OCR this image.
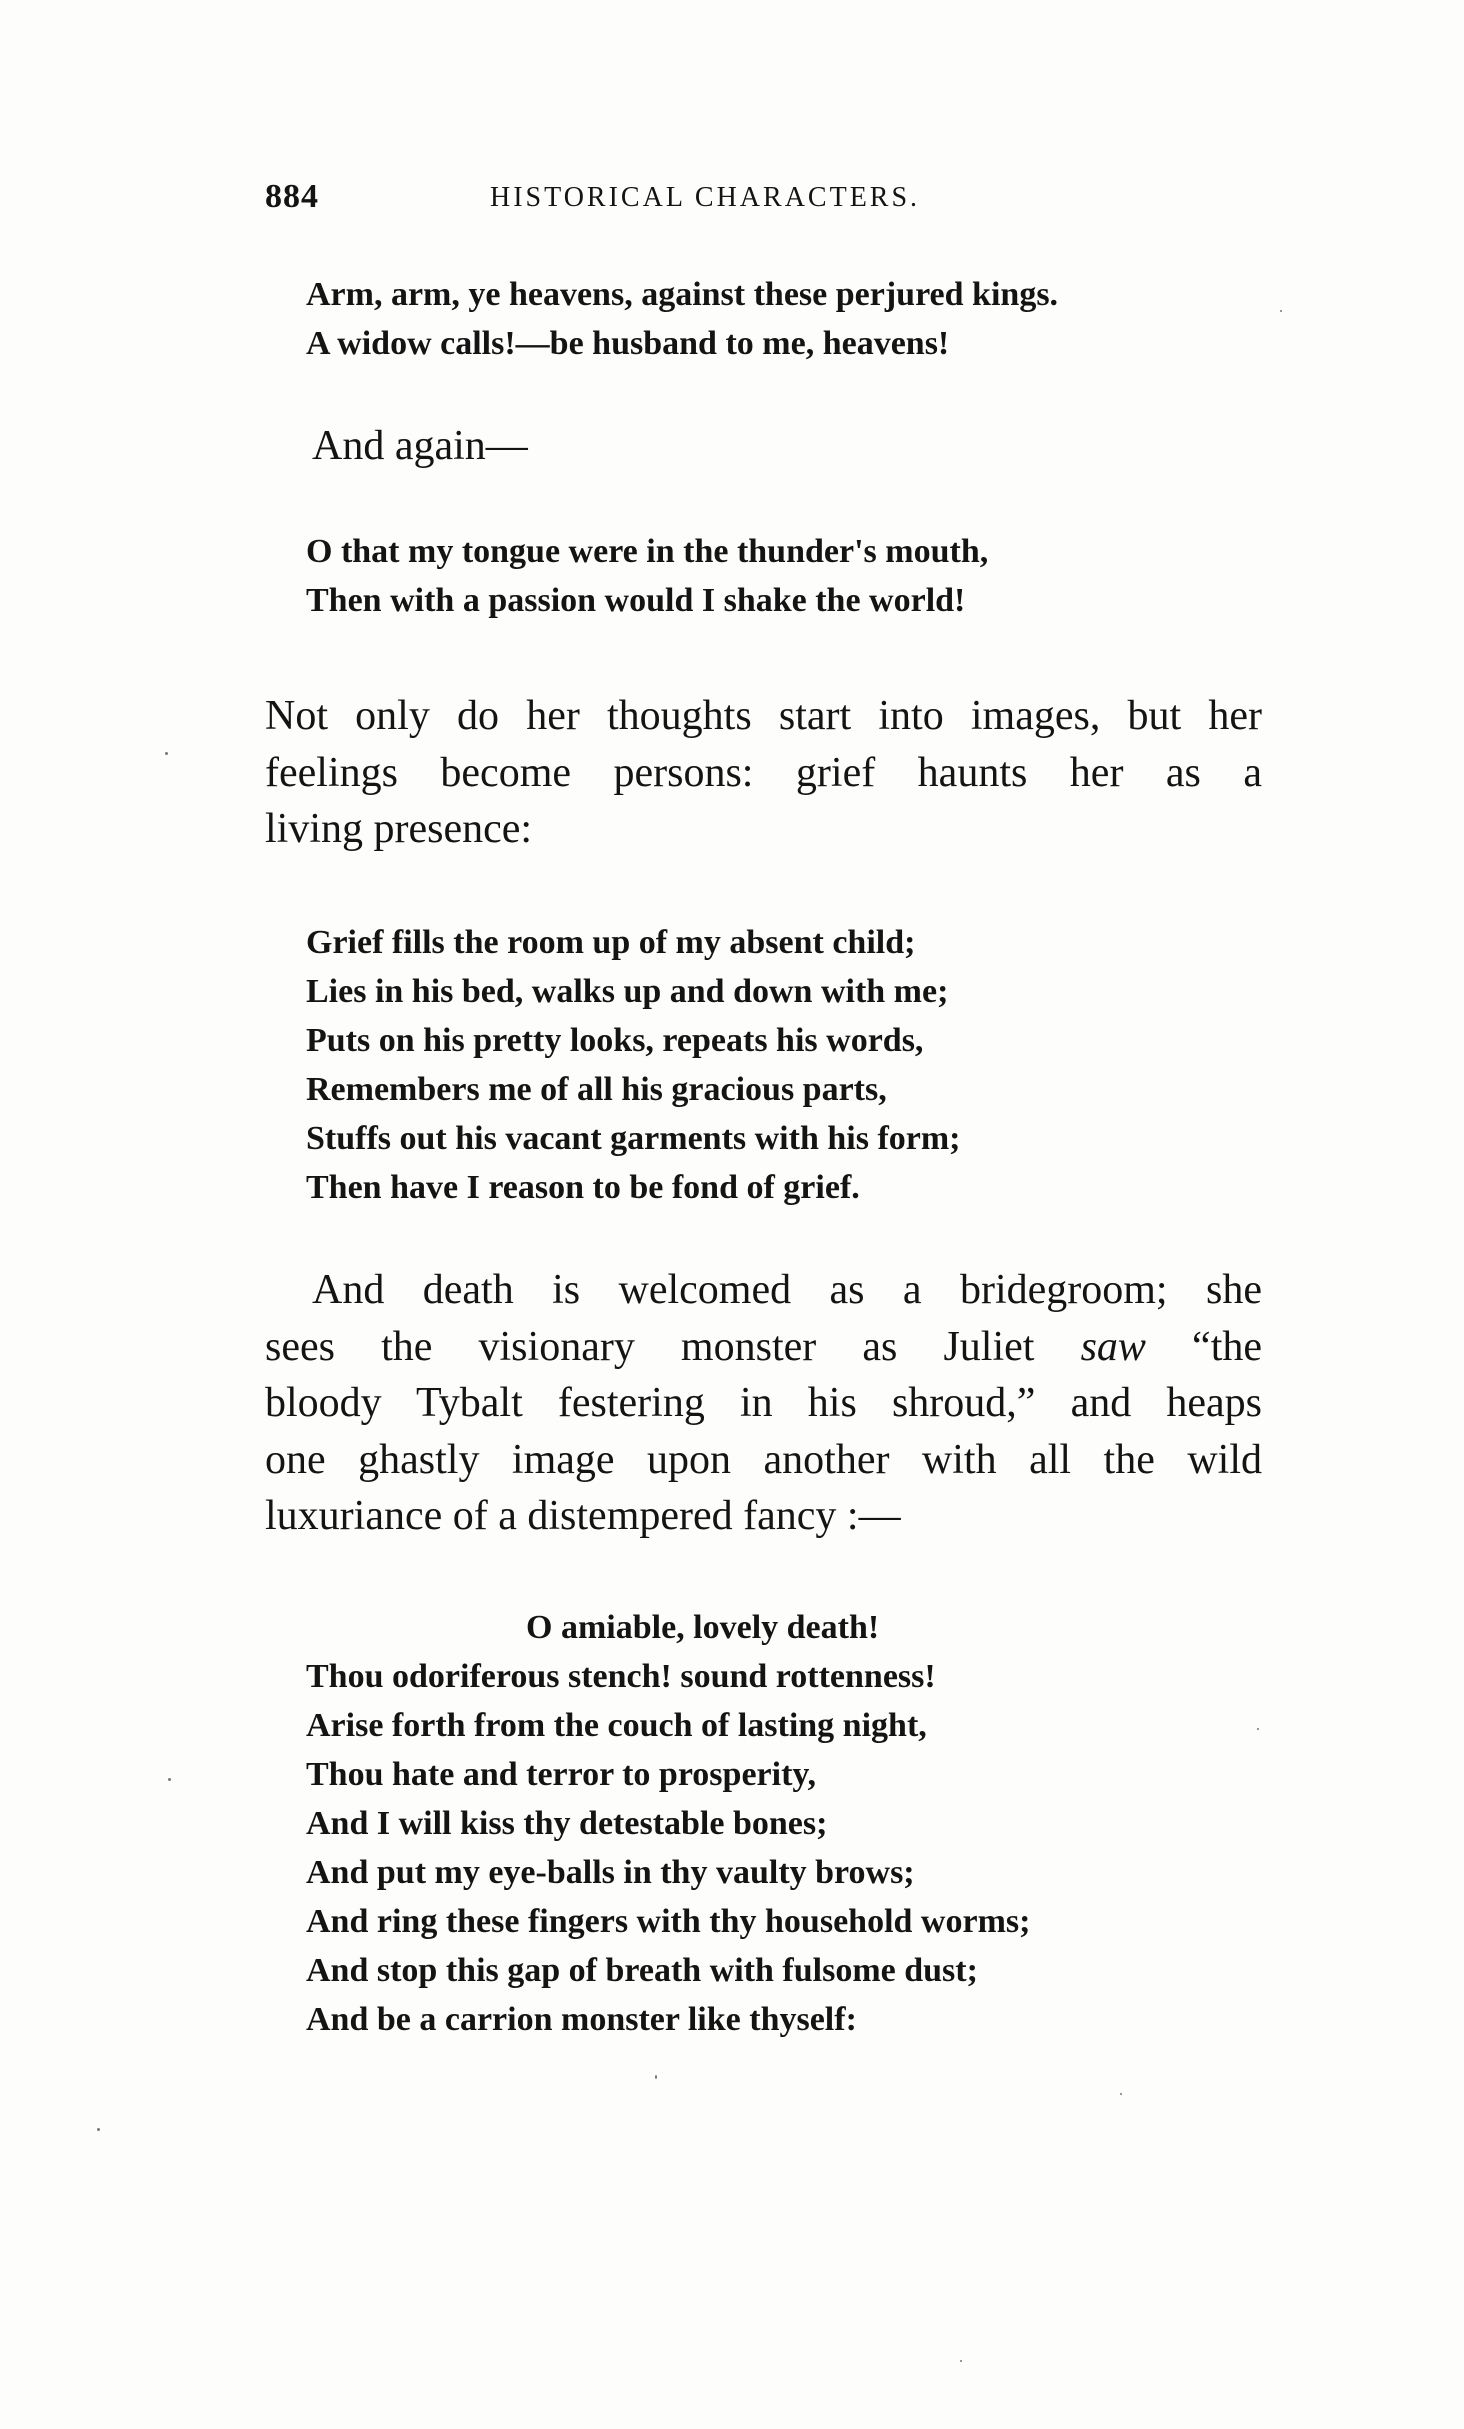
884	HISTORICAL CHARACTERS.
Arm, arm, ye heavens, against these perjured kings.
A widow calls!—be husband to me, heavens!
And again—
O that my tongue were in the thunder's mouth,
Then with a passion would I shake the world!
Not only do her thoughts start into images, but her
feelings become persons: grief haunts her as a
living presence:
Grief fills the room up of my absent child;
Lies in his bed, walks up and down with me;
Puts on his pretty looks, repeats his words,
Remembers me of all his gracious parts,
Stuffs out his vacant garments with his form;
Then have I reason to be fond of grief.
And death is welcomed as a bridegroom; she
sees the visionary monster as Juliet saw “the
bloody Tybalt festering in his shroud,” and heaps
one ghastly image upon another with all the wild
luxuriance of a distempered fancy :—
O amiable, lovely death!
Thou odoriferous stench! sound rottenness!
Arise forth from the couch of lasting night,
Thou hate and terror to prosperity,
And I will kiss thy detestable bones;
And put my eye-balls in thy vaulty brows;
And ring these fingers with thy household worms;
And stop this gap of breath with fulsome dust;
And be a carrion monster like thyself:
